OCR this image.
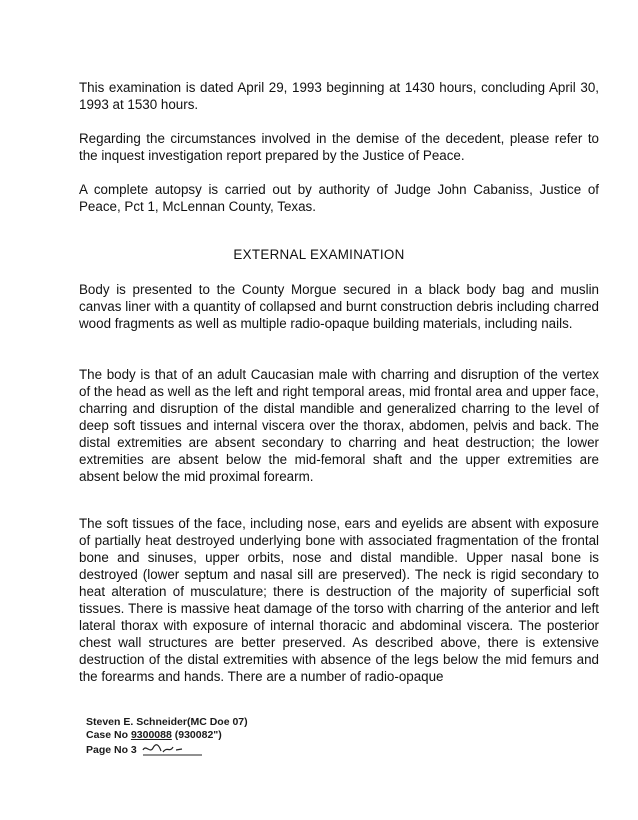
This examination is dated April 29, 1993 beginning at 1430 hours, concluding April 30, 1993 at 1530 hours.

Regarding the circumstances involved in the demise of the decedent, please refer to the inquest investigation report prepared by the Justice of Peace.

A complete autopsy is carried out by authority of Judge John Cabaniss, Justice of Peace, Pct 1, McLennan County, Texas.

EXTERNAL EXAMINATION

Body is presented to the County Morgue secured in a black body bag and muslin canvas liner with a quantity of collapsed and burnt construction debris including charred wood fragments as well as multiple radio-opaque building materials, including nails.

The body is that of an adult Caucasian male with charring and disruption of the vertex of the head as well as the left and right temporal areas, mid frontal area and upper face, charring and disruption of the distal mandible and generalized charring to the level of deep soft tissues and internal viscera over the thorax, abdomen, pelvis and back. The distal extremities are absent secondary to charring and heat destruction; the lower extremities are absent below the mid-femoral shaft and the upper extremities are absent below the mid proximal forearm.

The soft tissues of the face, including nose, ears and eyelids are absent with exposure of partially heat destroyed underlying bone with associated fragmentation of the frontal bone and sinuses, upper orbits, nose and distal mandible. Upper nasal bone is destroyed (lower septum and nasal sill are preserved). The neck is rigid secondary to heat alteration of musculature; there is destruction of the majority of superficial soft tissues. There is massive heat damage of the torso with charring of the anterior and left lateral thorax with exposure of internal thoracic and abdominal viscera. The posterior chest wall structures are better preserved. As described above, there is extensive destruction of the distal extremities with absence of the legs below the mid femurs and the forearms and hands. There are a number of radio-opaque

Steven E. Schneider(MC Doe 07)
Case No 9300088 (930082")
Page No 3
